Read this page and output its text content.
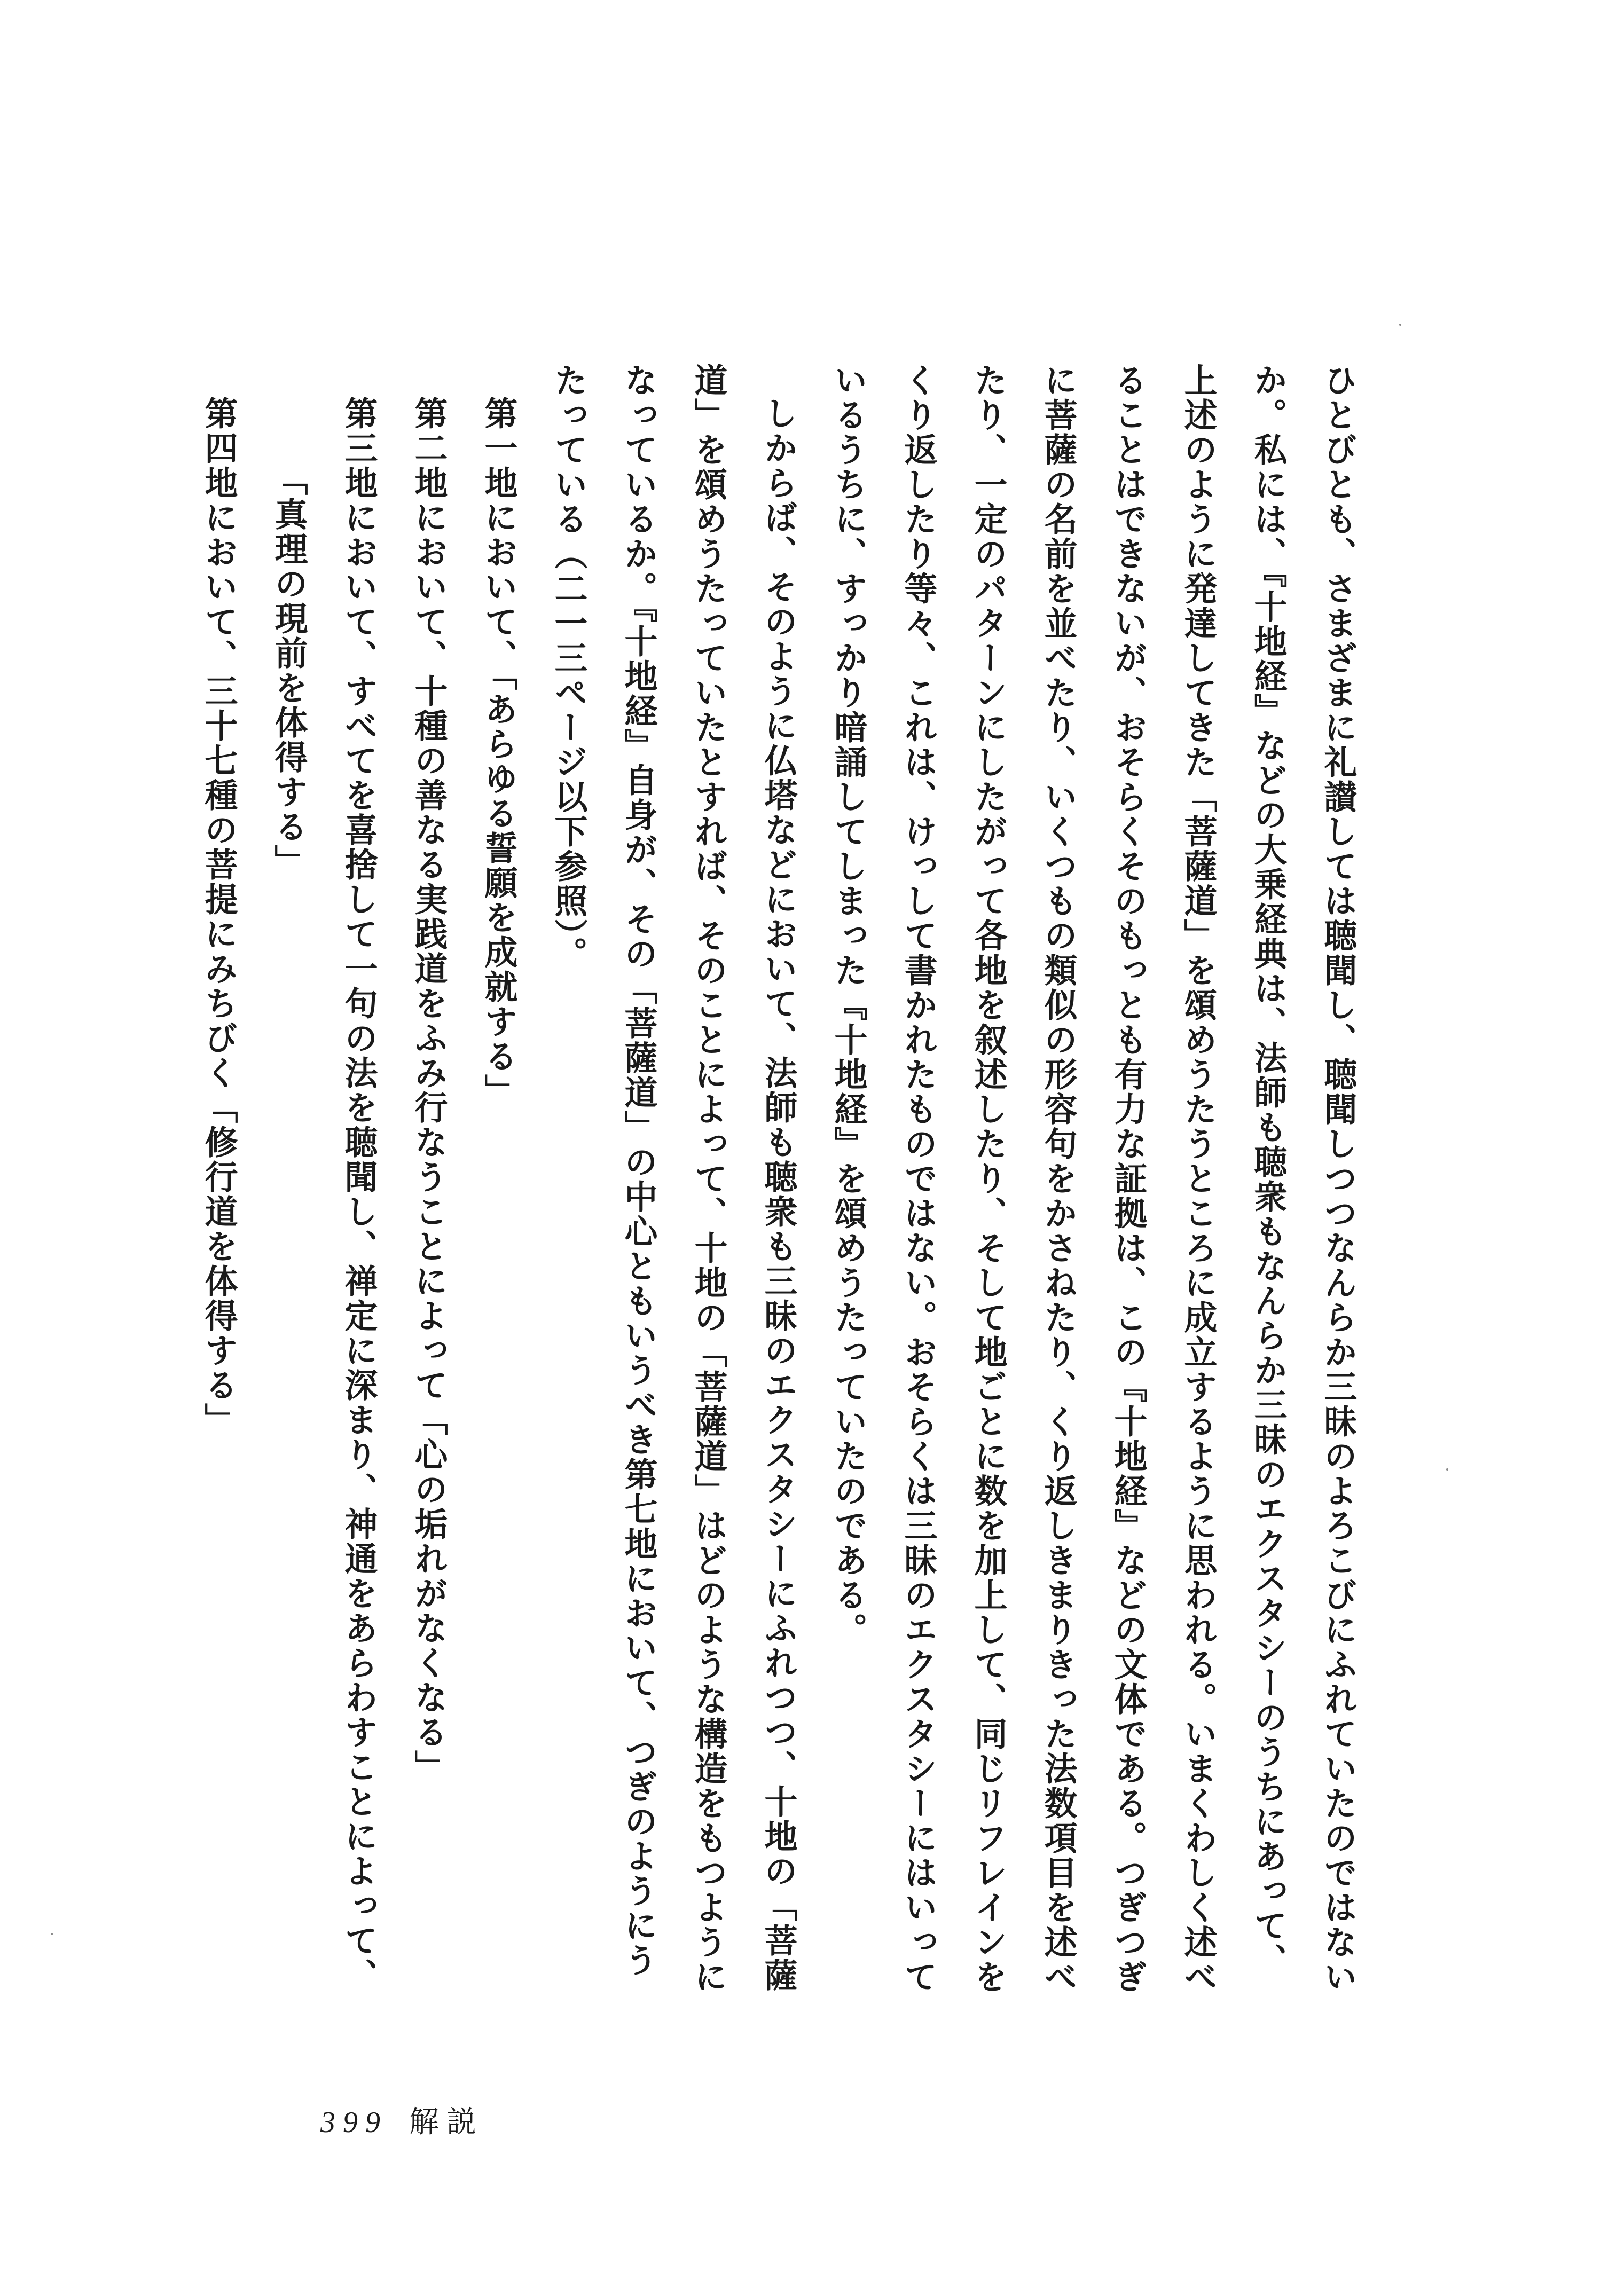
ひとびとも、さまざまに礼讃しては聴聞し、聴聞しつつなんらか三昧のよろこびにふれていたのではない
か。私には、『十地経』などの大乗経典は、法師も聴衆もなんらか三昧のエクスタシーのうちにあって、
上述のように発達してきた「菩薩道」を頌めうたうところに成立するように思われる。いまくわしく述べ
ることはできないが、おそらくそのもっとも有力な証拠は、この『十地経』などの文体である。つぎつぎ
に菩薩の名前を並べたり、いくつもの類似の形容句をかさねたり、くり返しきまりきった法数項目を述べ
たり、一定のパターンにしたがって各地を叙述したり、そして地ごとに数を加上して、同じリフレインを
くり返したり等々、これは、けっして書かれたものではない。おそらくは三昧のエクスタシーにはいって
いるうちに、すっかり暗誦してしまった『十地経』を頌めうたっていたのである。
しからば、そのように仏塔などにおいて、法師も聴衆も三昧のエクスタシーにふれつつ、十地の「菩薩
道」を頌めうたっていたとすれば、そのことによって、十地の「菩薩道」はどのような構造をもつように
なっているか。『十地経』自身が、その「菩薩道」の中心ともいうべき第七地において、つぎのようにう
たっている（二一三ページ以下参照）。
第一地において、「あらゆる誓願を成就する」
第二地において、十種の善なる実践道をふみ行なうことによって「心の垢れがなくなる」
第三地において、すべてを喜捨して一句の法を聴聞し、禅定に深まり、神通をあらわすことによって、
「真理の現前を体得する」
第四地において、三十七種の菩提にみちびく「修行道を体得する」
399 解説
